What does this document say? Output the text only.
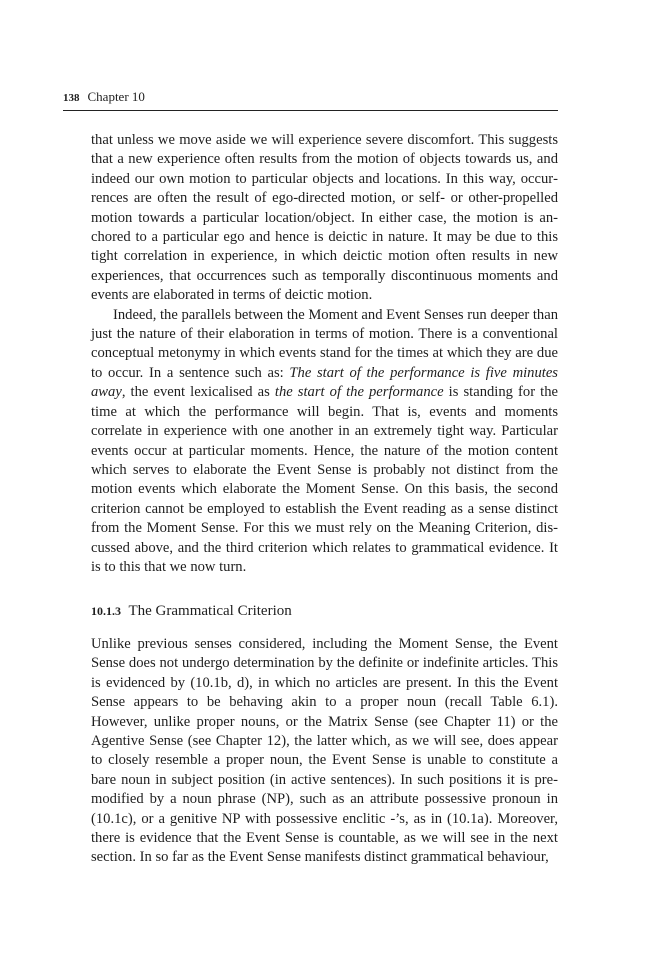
138 Chapter 10

that unless we move aside we will experience severe discomfort. This suggests that a new experience often results from the motion of objects towards us, and indeed our own motion to particular objects and locations. In this way, occurrences are often the result of ego-directed motion, or self- or other-propelled motion towards a particular location/object. In either case, the motion is anchored to a particular ego and hence is deictic in nature. It may be due to this tight correlation in experience, in which deictic motion often results in new experiences, that occurrences such as temporally discontinuous moments and events are elaborated in terms of deictic motion.

Indeed, the parallels between the Moment and Event Senses run deeper than just the nature of their elaboration in terms of motion. There is a conventional conceptual metonymy in which events stand for the times at which they are due to occur. In a sentence such as: The start of the performance is five minutes away, the event lexicalised as the start of the performance is standing for the time at which the performance will begin. That is, events and moments correlate in experience with one another in an extremely tight way. Particular events occur at particular moments. Hence, the nature of the motion content which serves to elaborate the Event Sense is probably not distinct from the motion events which elaborate the Moment Sense. On this basis, the second criterion cannot be employed to establish the Event reading as a sense distinct from the Moment Sense. For this we must rely on the Meaning Criterion, discussed above, and the third criterion which relates to grammatical evidence. It is to this that we now turn.

10.1.3 The Grammatical Criterion

Unlike previous senses considered, including the Moment Sense, the Event Sense does not undergo determination by the definite or indefinite articles. This is evidenced by (10.1b, d), in which no articles are present. In this the Event Sense appears to be behaving akin to a proper noun (recall Table 6.1). However, unlike proper nouns, or the Matrix Sense (see Chapter 11) or the Agentive Sense (see Chapter 12), the latter which, as we will see, does appear to closely resemble a proper noun, the Event Sense is unable to constitute a bare noun in subject position (in active sentences). In such positions it is premodified by a noun phrase (NP), such as an attribute possessive pronoun in (10.1c), or a genitive NP with possessive enclitic -’s, as in (10.1a). Moreover, there is evidence that the Event Sense is countable, as we will see in the next section. In so far as the Event Sense manifests distinct grammatical behaviour,
